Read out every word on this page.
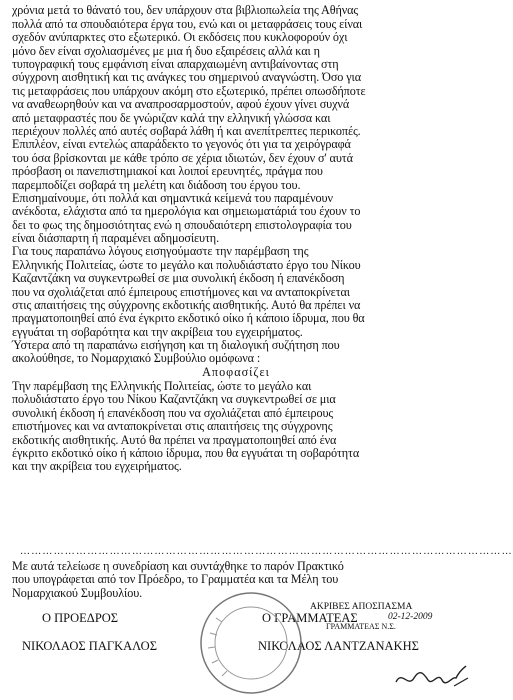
χρόνια μετά το θάνατό του, δεν υπάρχουν στα βιβλιοπωλεία της Αθήνας
πολλά από τα σπουδαιότερα έργα του, ενώ και οι μεταφράσεις τους είναι
σχεδόν ανύπαρκτες στο εξωτερικό. Οι εκδόσεις που κυκλοφορούν όχι
μόνο δεν είναι σχολιασμένες με μια ή δυο εξαιρέσεις αλλά και η
τυπογραφική τους εμφάνιση είναι απαρχαιωμένη αντιβαίνοντας στη
σύγχρονη αισθητική και τις ανάγκες του σημερινού αναγνώστη. Όσο για
τις μεταφράσεις που υπάρχουν ακόμη στο εξωτερικό, πρέπει οπωσδήποτε
να αναθεωρηθούν και να αναπροσαρμοστούν, αφού έχουν γίνει συχνά
από μεταφραστές που δε γνώριζαν καλά την ελληνική γλώσσα και
περιέχουν πολλές από αυτές σοβαρά λάθη ή και ανεπίτρεπτες περικοπές.
Επιπλέον, είναι εντελώς απαράδεκτο το γεγονός ότι για τα χειρόγραφά
του όσα βρίσκονται με κάθε τρόπο σε χέρια ιδιωτών, δεν έχουν σ' αυτά
πρόσβαση οι πανεπιστημιακοί και λοιποί ερευνητές, πράγμα που
παρεμποδίζει σοβαρά τη μελέτη και διάδοση του έργου του.
Επισημαίνουμε, ότι πολλά και σημαντικά κείμενά του παραμένουν
ανέκδοτα, ελάχιστα από τα ημερολόγια και σημειωματάριά του έχουν το
δει το φως της δημοσιότητας ενώ η σπουδαιότερη επιστολογραφία του
είναι διάσπαρτη ή παραμένει αδημοσίευτη.
Για τους παραπάνω λόγους εισηγούμαστε την παρέμβαση της
Ελληνικής Πολιτείας, ώστε το μεγάλο και πολυδιάστατο έργο του Νίκου
Καζαντζάκη να συγκεντρωθεί σε μια συνολική έκδοση ή επανέκδοση
που να σχολιάζεται από έμπειρους επιστήμονες και να ανταποκρίνεται
στις απαιτήσεις της σύγχρονης εκδοτικής αισθητικής. Αυτό θα πρέπει να
πραγματοποιηθεί από ένα έγκριτο εκδοτικό οίκο ή κάποιο ίδρυμα, που θα
εγγυάται τη σοβαρότητα και την ακρίβεια του εγχειρήματος.
Ύστερα από τη παραπάνω εισήγηση και τη διαλογική συζήτηση που
ακολούθησε, το Νομαρχιακό Συμβούλιο ομόφωνα :
Αποφασίζει
Την παρέμβαση της Ελληνικής Πολιτείας, ώστε το μεγάλο και
πολυδιάστατο έργο του Νίκου Καζαντζάκη να συγκεντρωθεί σε μια
συνολική έκδοση ή επανέκδοση που να σχολιάζεται από έμπειρους
επιστήμονες και να ανταποκρίνεται στις απαιτήσεις της σύγχρονης
εκδοτικής αισθητικής. Αυτό θα πρέπει να πραγματοποιηθεί από ένα
έγκριτο εκδοτικό οίκο ή κάποιο ίδρυμα, που θα εγγυάται τη σοβαρότητα
και την ακρίβεια του εγχειρήματος.
Με αυτά τελείωσε η συνεδρίαση και συντάχθηκε το παρόν Πρακτικό
που υπογράφεται από τον Πρόεδρο, το Γραμματέα και τα Μέλη του
Νομαρχιακού Συμβουλίου.
……………………………………………………………………………………………………………………
Ο ΠΡΟΕΔΡΟΣ
ΝΙΚΟΛΑΟΣ ΠΑΓΚΑΛΟΣ
Ο ΓΡΑΜΜΑΤΕΑΣ
ΝΙΚΟΛΑΟΣ ΛΑΝΤΖΑΝΑΚΗΣ
ΑΚΡΙΒΕΣ ΑΠΟΣΠΑΣΜΑ
02-12-2009
ΓΡΑΜΜΑΤΕΑΣ Ν.Σ.
